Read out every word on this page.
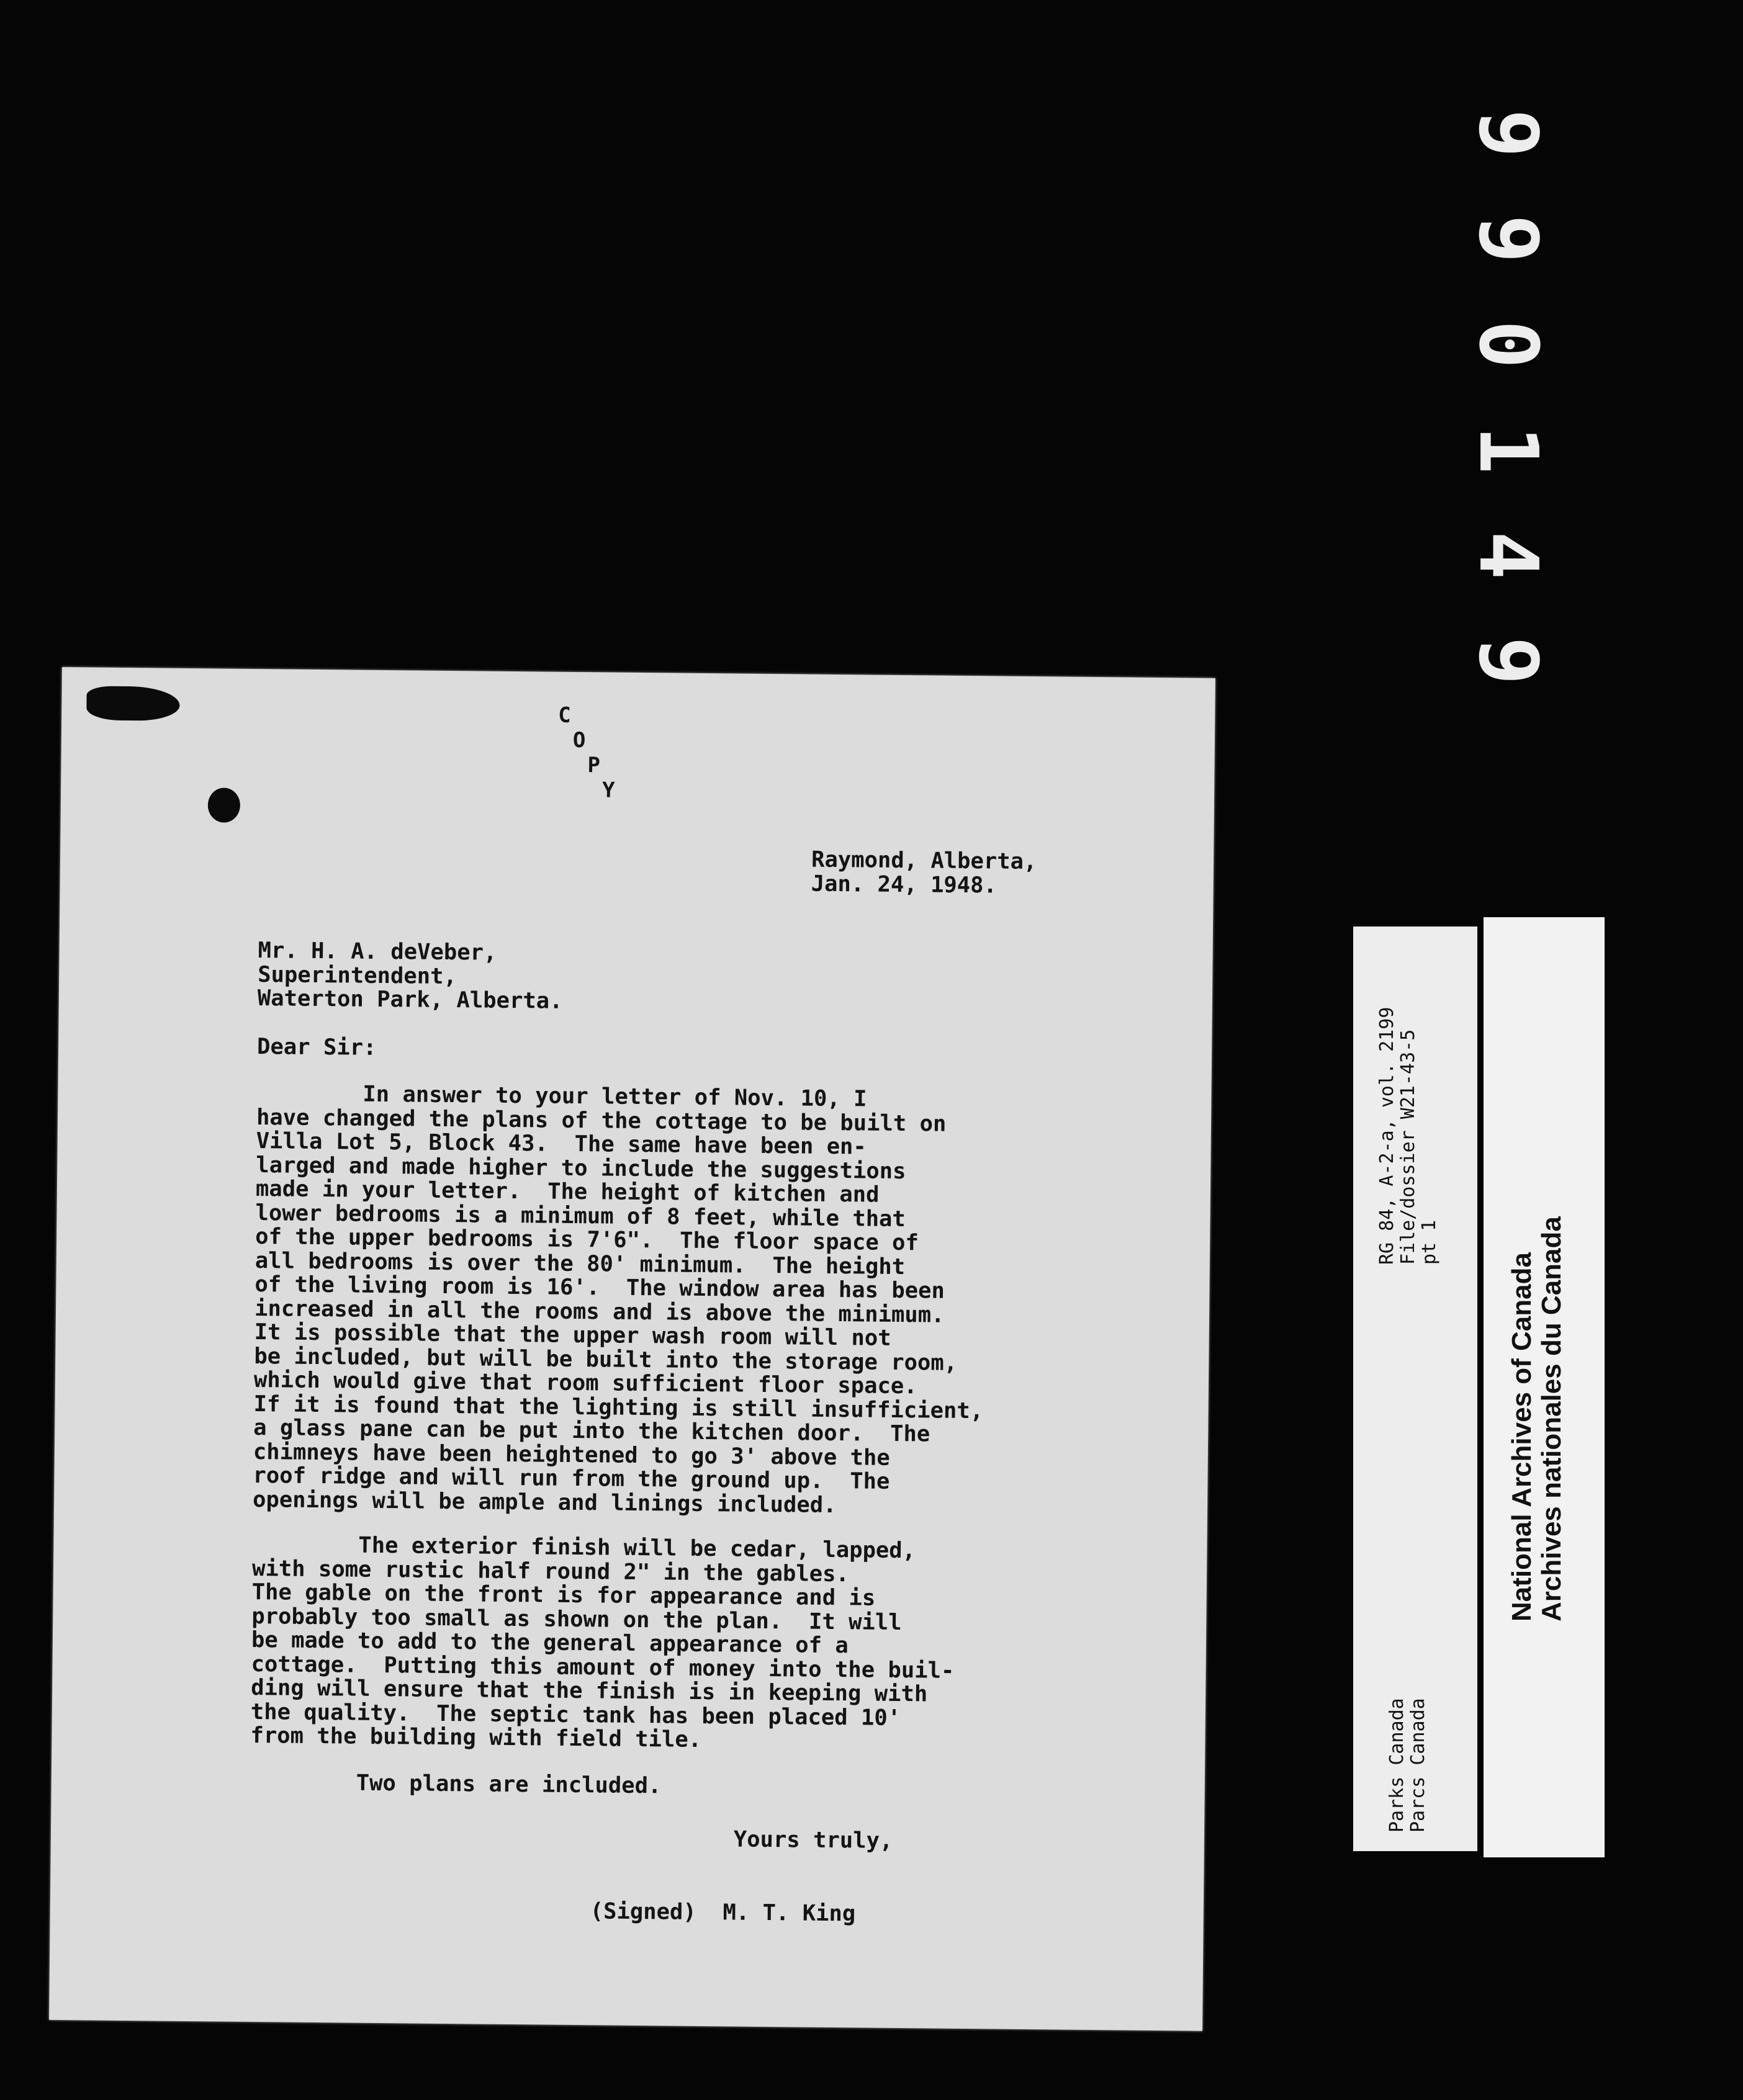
9
9
0
1
4
9
C
O
P
Y
Raymond, Alberta,
Jan. 24, 1948.
Mr. H. A. deVeber,
Superintendent,
Waterton Park, Alberta.
Dear Sir:
In answer to your letter of Nov. 10, I
have changed the plans of the cottage to be built on
Villa Lot 5, Block 43.  The same have been en-
larged and made higher to include the suggestions
made in your letter.  The height of kitchen and
lower bedrooms is a minimum of 8 feet, while that
of the upper bedrooms is 7'6".  The floor space of
all bedrooms is over the 80' minimum.  The height
of the living room is 16'.  The window area has been
increased in all the rooms and is above the minimum.
It is possible that the upper wash room will not
be included, but will be built into the storage room,
which would give that room sufficient floor space.
If it is found that the lighting is still insufficient,
a glass pane can be put into the kitchen door.  The
chimneys have been heightened to go 3' above the
roof ridge and will run from the ground up.  The
openings will be ample and linings included.
The exterior finish will be cedar, lapped,
with some rustic half round 2" in the gables.
The gable on the front is for appearance and is
probably too small as shown on the plan.  It will
be made to add to the general appearance of a
cottage.  Putting this amount of money into the buil-
ding will ensure that the finish is in keeping with
the quality.  The septic tank has been placed 10'
from the building with field tile.
Two plans are included.
Yours truly,
(Signed)  M. T. King
RG 84, A-2-a, vol. 2199 File/dossier W21-43-5 pt 1
Parks Canada Parcs Canada
National Archives of Canada Archives nationales du Canada
